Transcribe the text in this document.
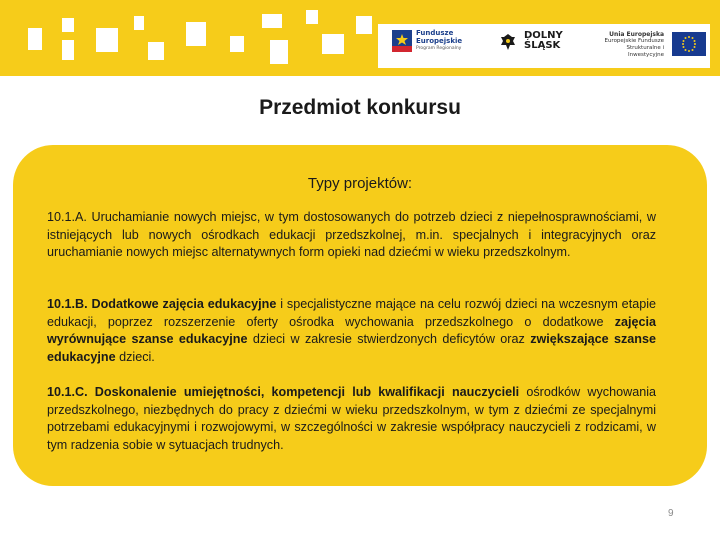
Fundusze
Europejskie
Program Regionalny
DOLNY
ŚLĄSK
Unia Europejska
Europejskie Fundusze
Strukturalne i Inwestycyjne
Przedmiot konkursu
Typy projektów:
10.1.A. Uruchamianie nowych miejsc, w tym dostosowanych do potrzeb dzieci z niepełnosprawnościami, w istniejących lub nowych ośrodkach edukacji przedszkolnej, m.in. specjalnych i integracyjnych oraz uruchamianie nowych miejsc alternatywnych form opieki nad dziećmi w wieku przedszkolnym.
10.1.B. Dodatkowe zajęcia edukacyjne i specjalistyczne mające na celu rozwój dzieci na wczesnym etapie edukacji, poprzez rozszerzenie oferty ośrodka wychowania przedszkolnego o dodatkowe zajęcia wyrównujące szanse edukacyjne dzieci w zakresie stwierdzonych deficytów oraz zwiększające szanse edukacyjne dzieci.
10.1.C. Doskonalenie umiejętności, kompetencji lub kwalifikacji nauczycieli ośrodków wychowania przedszkolnego, niezbędnych do pracy z dziećmi w wieku przedszkolnym, w tym z dziećmi ze specjalnymi potrzebami edukacyjnymi i rozwojowymi, w szczególności w zakresie współpracy nauczycieli z rodzicami, w tym radzenia sobie w sytuacjach trudnych.
9
